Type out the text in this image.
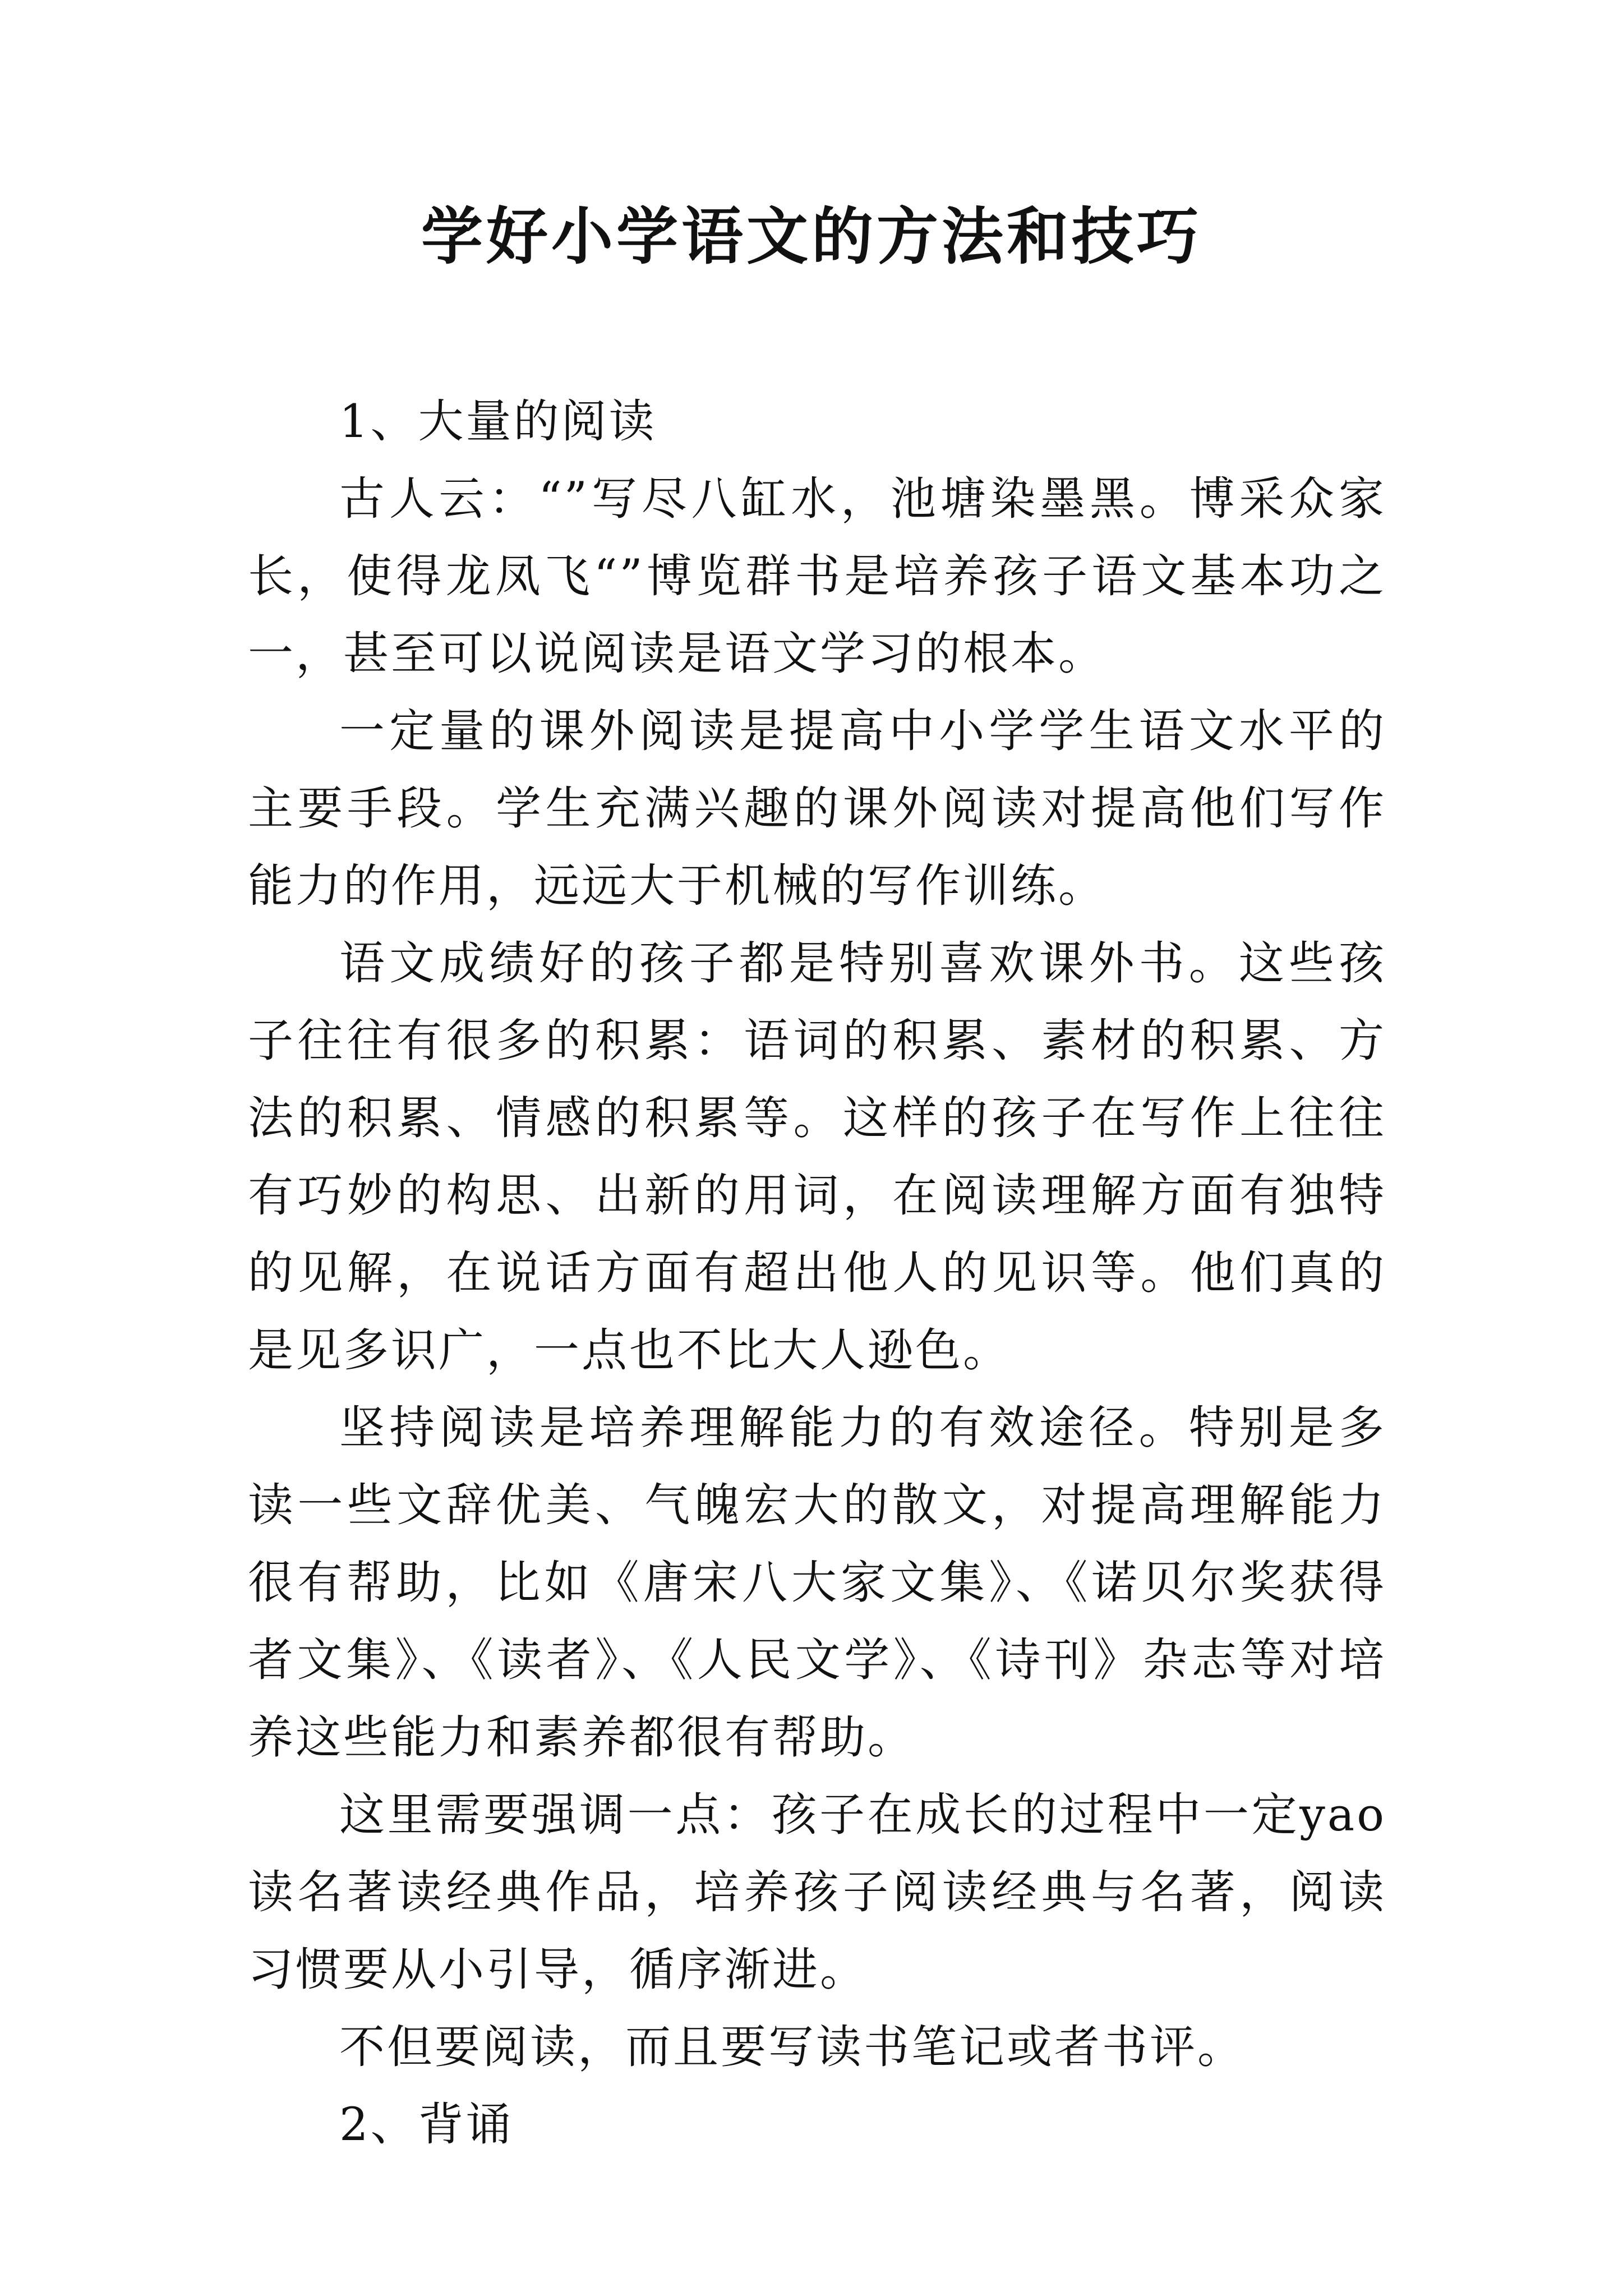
学好小学语文的方法和技巧

1、大量的阅读

古人云：“”写尽八缸水，池塘染墨黑。博采众家长，使得龙凤飞“”博览群书是培养孩子语文基本功之一，甚至可以说阅读是语文学习的根本。

一定量的课外阅读是提高中小学学生语文水平的主要手段。学生充满兴趣的课外阅读对提高他们写作能力的作用，远远大于机械的写作训练。

语文成绩好的孩子都是特别喜欢课外书。这些孩子往往有很多的积累：语词的积累、素材的积累、方法的积累、情感的积累等。这样的孩子在写作上往往有巧妙的构思、出新的用词，在阅读理解方面有独特的见解，在说话方面有超出他人的见识等。他们真的是见多识广，一点也不比大人逊色。

坚持阅读是培养理解能力的有效途径。特别是多读一些文辞优美、气魄宏大的散文，对提高理解能力很有帮助，比如《唐宋八大家文集》、《诺贝尔奖获得者文集》、《读者》、《人民文学》、《诗刊》杂志等对培养这些能力和素养都很有帮助。

这里需要强调一点：孩子在成长的过程中一定yao读名著读经典作品，培养孩子阅读经典与名著，阅读习惯要从小引导，循序渐进。

不但要阅读，而且要写读书笔记或者书评。

2、背诵
